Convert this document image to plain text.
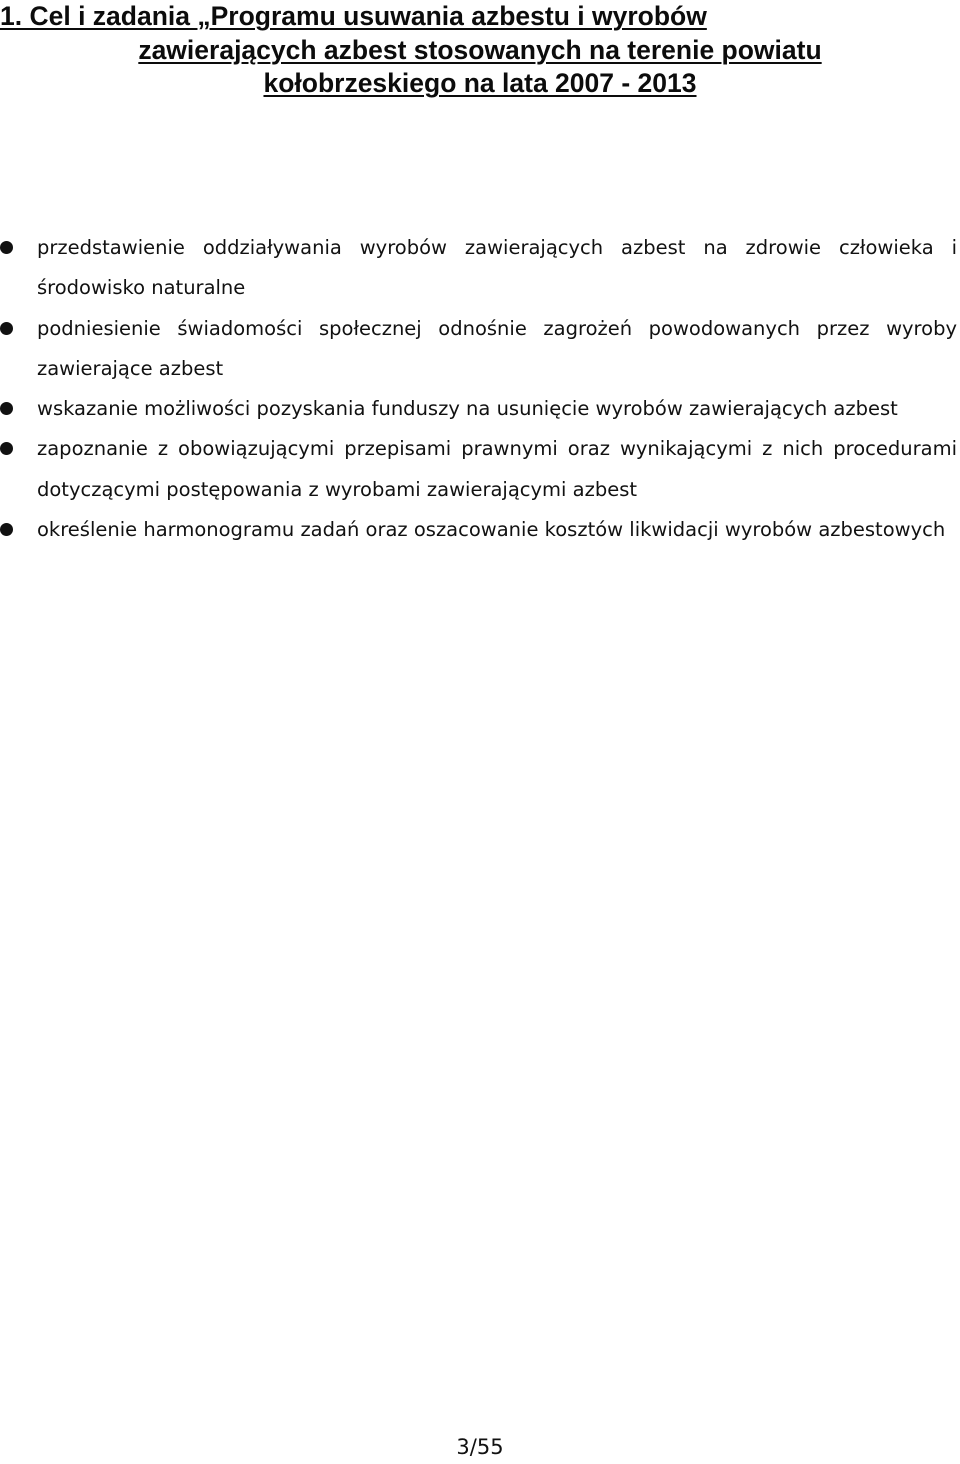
1. Cel i zadania „Programu usuwania azbestu i wyrobów
zawierających azbest stosowanych na terenie powiatu
kołobrzeskiego na lata 2007 - 2013
przedstawienie oddziaływania wyrobów zawierających azbest na zdrowie człowieka i środowisko naturalne
podniesienie świadomości społecznej odnośnie zagrożeń powodowanych przez wyroby zawierające azbest
wskazanie możliwości pozyskania funduszy na usunięcie wyrobów zawierających azbest
zapoznanie z obowiązującymi przepisami prawnymi oraz wynikającymi z nich procedurami dotyczącymi postępowania z wyrobami zawierającymi azbest
określenie harmonogramu zadań oraz oszacowanie kosztów likwidacji wyrobów azbestowych
3/55
